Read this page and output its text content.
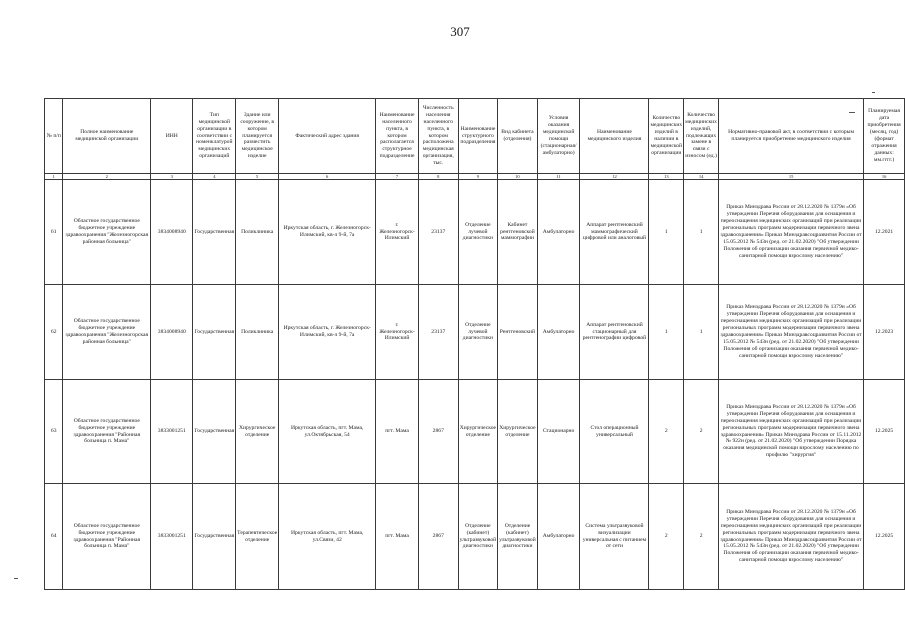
307
№ п/п	Полное наименование медицинской организации	ИНН	Тип медицинской организации в соответствии с номенклатурой медицинских организаций	Здание или сооружение, в котором планируется разместить медицинское изделие	Фактический адрес здания	Наименование населенного пункта, в котором располагается структурное подразделение	Численность населения населенного пункта, в котором расположена медицинская организация, тыс.	Наименование структурного подразделения	Вид кабинета (отделения)	Условия оказания медицинской помощи (стационарная/амбулаторно)	Наименование медицинского изделия	Количество медицинских изделий в наличии в медицинской организации	Количество медицинских изделий, подлежащих замене в связи с износом (ед.)	Нормативно-правовой акт, в соответствии с которым планируется приобретение медицинского изделия	Планируемая дата приобретения (месяц, год) (формат отражения данных: мм.гггг.)
1	2	3	4	5	6	7	8	9	10	11	12	13	14	15	16
61	Областное государственное бюджетное учреждение здравоохранения "Железногорская районная больница"	3834008940	Государственная	Поликлиника	Иркутская область, г. Железногорск-Илимский, кв-л 9-й, 7а	г. Железногорск-Илимский	23137	Отделение лучевой диагностики	Кабинет рентгеновской маммографии	Амбулаторно	Аппарат рентгеновский маммографический цифровой или аналоговый	1	1	Приказ Минздрава России от 28.12.2020 № 1379н «Об утверждении Перечня оборудования для оснащения и переоснащения медицинских организаций при реализации региональных программ модернизации первичного звена здравоохранения» Приказ Минздравсоцразвития России от 15.05.2012 № 543н (ред. от 21.02.2020) "Об утверждении Положения об организации оказания первичной медико-санитарной помощи взрослому населению"	12.2021
62	Областное государственное бюджетное учреждение здравоохранения "Железногорская районная больница"	3834008940	Государственная	Поликлиника	Иркутская область, г. Железногорск-Илимский, кв-л 9-й, 7а	г. Железногорск-Илимский	23137	Отделение лучевой диагностики	Рентгеновский	Амбулаторно	Аппарат рентгеновский стационарный для рентгенографии цифровой	1	1	Приказ Минздрава России от 28.12.2020 № 1379н «Об утверждении Перечня оборудования для оснащения и переоснащения медицинских организаций при реализации региональных программ модернизации первичного звена здравоохранения» Приказ Минздравсоцразвития России от 15.05.2012 № 543н (ред. от 21.02.2020) "Об утверждении Положения об организации оказания первичной медико-санитарной помощи взрослому населению"	12.2023
63	Областное государственное бюджетное учреждение здравоохранения "Районная больница п. Мама"	3833001251	Государственная	Хирургическое отделение	Иркутская область, пгт. Мама, ул.Октябрьская, 54	пгт. Мама	2867	Хирургическое отделение	Хирургическое отделение	Стационарно	Стол операционный универсальный	2	2	Приказ Минздрава России от 28.12.2020 № 1379н «Об утверждении Перечня оборудования для оснащения и переоснащения медицинских организаций при реализации региональных программ модернизации первичного звена здравоохранения» Приказ Минздрава России от 15.11.2012 № 922н (ред. от 21.02.2020) "Об утверждении Порядка оказания медицинской помощи взрослому населению по профилю "хирургия"	12.2025
64	Областное государственное бюджетное учреждение здравоохранения "Районная больница п. Мама"	3833001251	Государственная	Терапевтическое отделение	Иркутская область, пгт. Мама, ул.Связи, 42	пгт. Мама	2867	Отделение (кабинет) ультразвуковой диагностики	Отделение (кабинет) ультразвуковой диагностики	Амбулаторно	Система ультразвуковой визуализации универсальная с питанием от сети	2	2	Приказ Минздрава России от 28.12.2020 № 1379н «Об утверждении Перечня оборудования для оснащения и переоснащения медицинских организаций при реализации региональных программ модернизации первичного звена здравоохранения» Приказ Минздравсоцразвития России от 15.05.2012 № 543н (ред. от 21.02.2020) "Об утверждении Положения об организации оказания первичной медико-санитарной помощи взрослому населению"	12.2025
